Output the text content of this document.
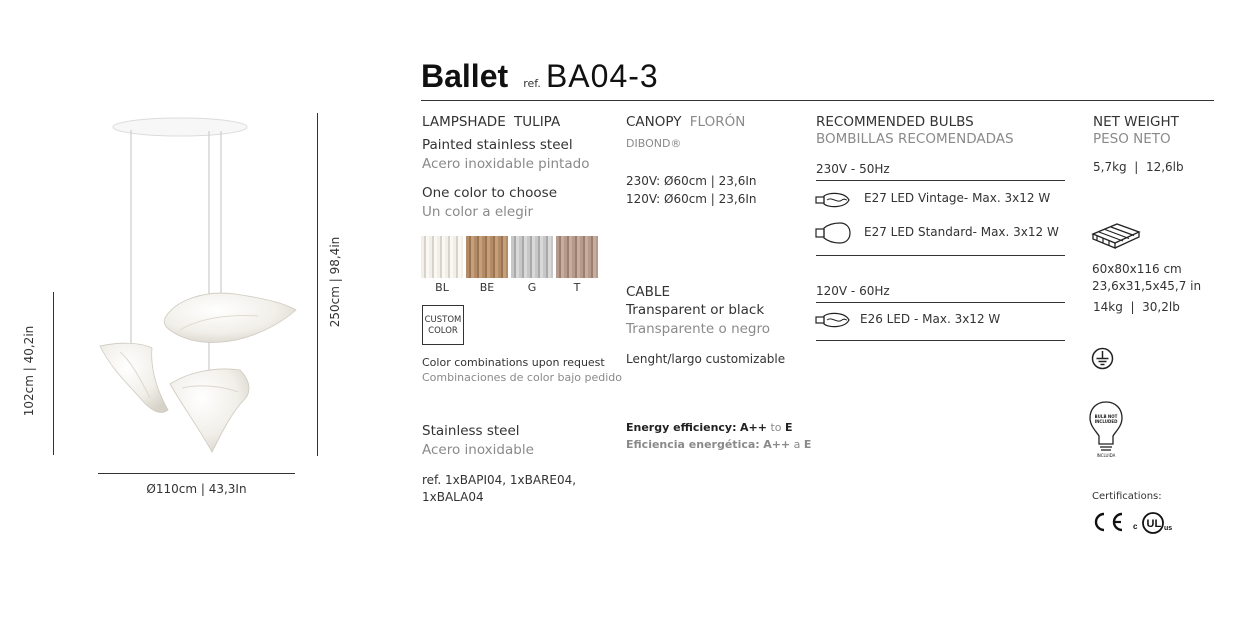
102cm | 40,2in
250cm | 98,4in
Ø110cm | 43,3In
Ballet ref. BA04-3
LAMPSHADE TULIPA
Painted stainless steel
Acero inoxidable pintado
One color to choose
Un color a elegir
BL	BE	G	T
CUSTOM
COLOR
Color combinations upon request
Combinaciones de color bajo pedido
Stainless steel
Acero inoxidable
ref. 1xBAPI04, 1xBARE04,
1xBALA04
CANOPY FLORÓN
DIBOND®
230V: Ø60cm | 23,6In
120V: Ø60cm | 23,6In
CABLE
Transparent or black
Transparente o negro
Lenght/largo customizable
Energy efficiency: A++ to E
Eficiencia energética: A++ a E
RECOMMENDED BULBS
BOMBILLAS RECOMENDADAS
230V - 50Hz
E27 LED Vintage- Max. 3x12 W
E27 LED Standard- Max. 3x12 W
120V - 60Hz
E26 LED - Max. 3x12 W
NET WEIGHT
PESO NETO
5,7kg  |  12,6lb
60x80x116 cm
23,6x31,5x45,7 in
14kg  |  30,2lb
BULB NOT INCLUDED
INCLUIDA
Certifications:
c UL us
